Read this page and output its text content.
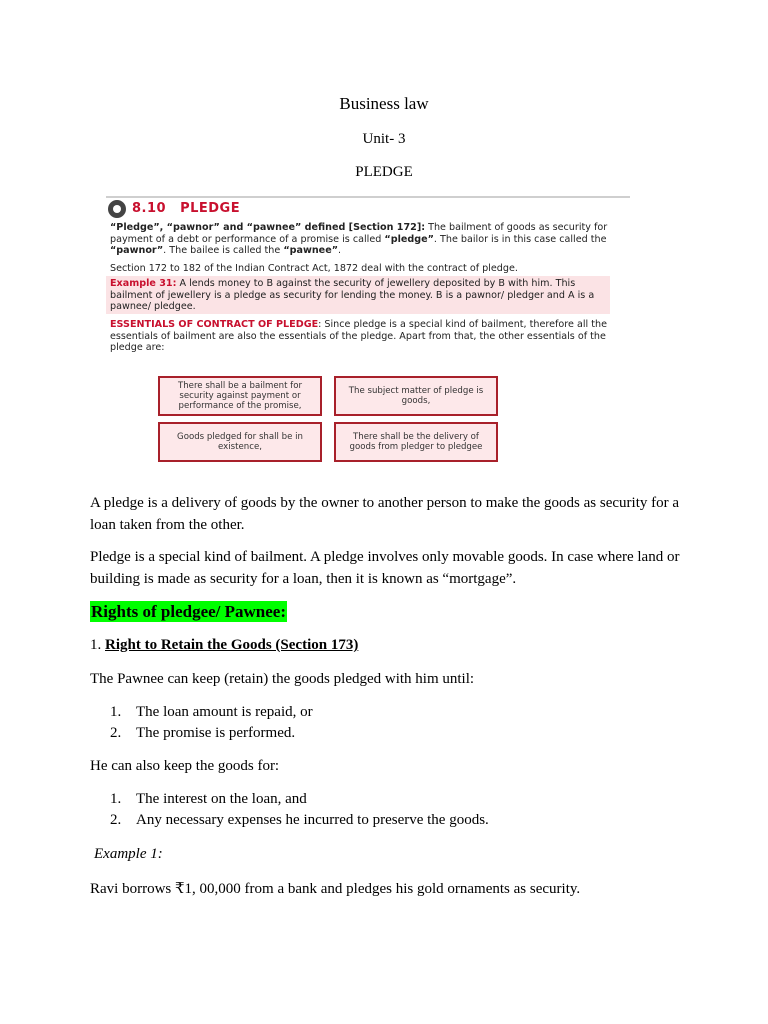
Business law
Unit- 3
PLEDGE
8.10 PLEDGE

“Pledge”, “pawnor” and “pawnee” defined [Section 172]: The bailment of goods as security for payment of a debt or performance of a promise is called “pledge”. The bailor is in this case called the “pawnor”. The bailee is called the “pawnee”.

Section 172 to 182 of the Indian Contract Act, 1872 deal with the contract of pledge.

Example 31: A lends money to B against the security of jewellery deposited by B with him. This bailment of jewellery is a pledge as security for lending the money. B is a pawnor/ pledger and A is a pawnee/ pledgee.

ESSENTIALS OF CONTRACT OF PLEDGE: Since pledge is a special kind of bailment, therefore all the essentials of bailment are also the essentials of the pledge. Apart from that, the other essentials of the pledge are:

There shall be a bailment for security against payment or performance of the promise,
The subject matter of pledge is goods,
Goods pledged for shall be in existence,
There shall be the delivery of goods from pledger to pledgee

A pledge is a delivery of goods by the owner to another person to make the goods as security for a loan taken from the other.

Pledge is a special kind of bailment. A pledge involves only movable goods. In case where land or building is made as security for a loan, then it is known as “mortgage”.

Rights of pledgee/ Pawnee:
1. Right to Retain the Goods (Section 173)
The Pawnee can keep (retain) the goods pledged with him until:
1. The loan amount is repaid, or
2. The promise is performed.
He can also keep the goods for:
1. The interest on the loan, and
2. Any necessary expenses he incurred to preserve the goods.
Example 1:
Ravi borrows ₹1, 00,000 from a bank and pledges his gold ornaments as security.
